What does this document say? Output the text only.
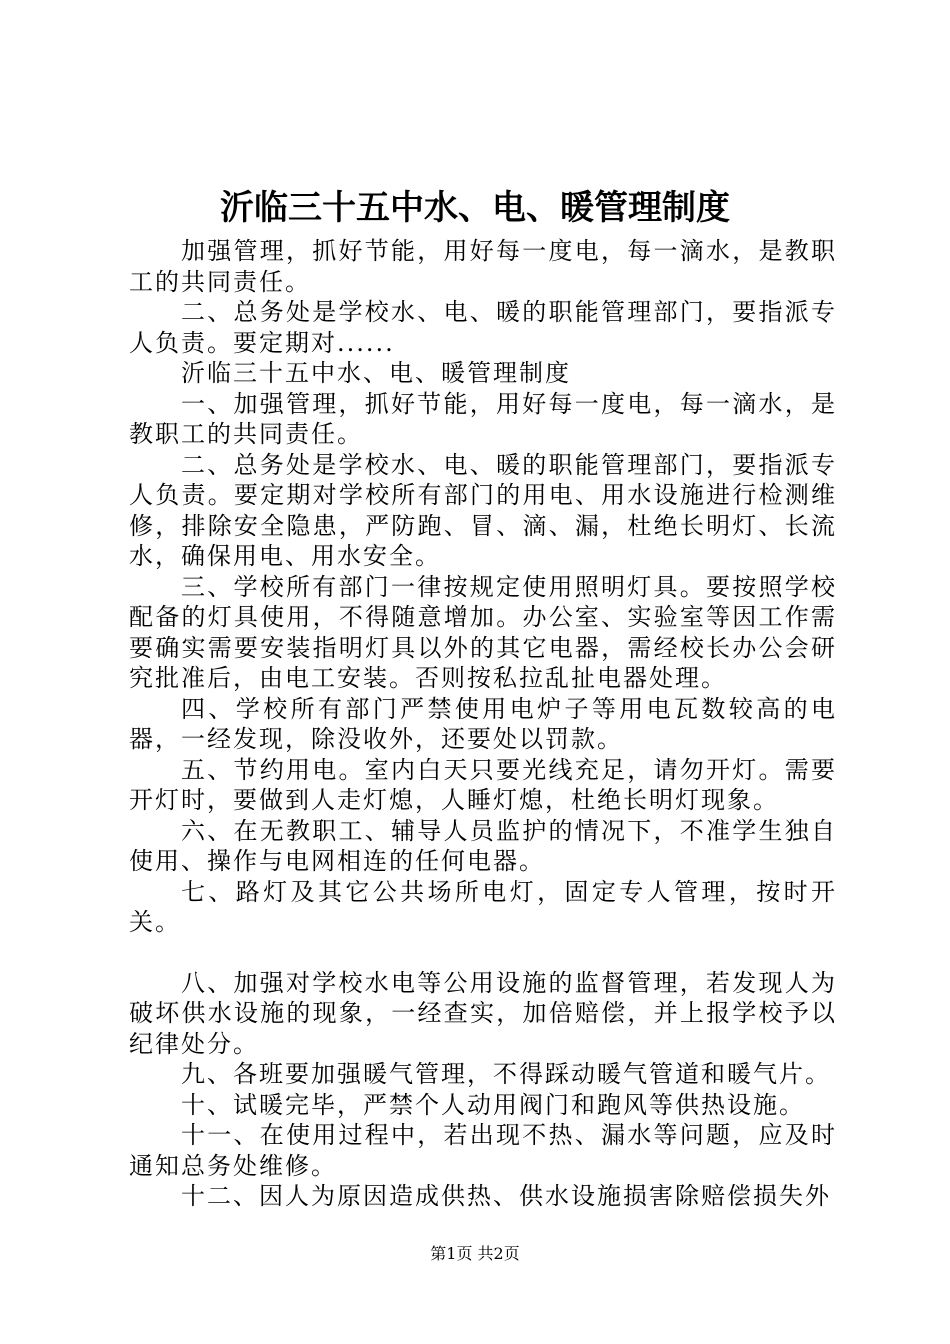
沂临三十五中水、电、暖管理制度

加强管理，抓好节能，用好每一度电，每一滴水，是教职工的共同责任。

二、总务处是学校水、电、暖的职能管理部门，要指派专人负责。要定期对......

沂临三十五中水、电、暖管理制度

一、加强管理，抓好节能，用好每一度电，每一滴水，是教职工的共同责任。

二、总务处是学校水、电、暖的职能管理部门，要指派专人负责。要定期对学校所有部门的用电、用水设施进行检测维修，排除安全隐患，严防跑、冒、滴、漏，杜绝长明灯、长流水，确保用电、用水安全。

三、学校所有部门一律按规定使用照明灯具。要按照学校配备的灯具使用，不得随意增加。办公室、实验室等因工作需要确实需要安装指明灯具以外的其它电器，需经校长办公会研究批准后，由电工安装。否则按私拉乱扯电器处理。

四、学校所有部门严禁使用电炉子等用电瓦数较高的电器，一经发现，除没收外，还要处以罚款。

五、节约用电。室内白天只要光线充足，请勿开灯。需要开灯时，要做到人走灯熄，人睡灯熄，杜绝长明灯现象。

六、在无教职工、辅导人员监护的情况下，不准学生独自使用、操作与电网相连的任何电器。

七、路灯及其它公共场所电灯，固定专人管理，按时开关。

八、加强对学校水电等公用设施的监督管理，若发现人为破坏供水设施的现象，一经查实，加倍赔偿，并上报学校予以纪律处分。

九、各班要加强暖气管理，不得踩动暖气管道和暖气片。

十、试暖完毕，严禁个人动用阀门和跑风等供热设施。

十一、在使用过程中，若出现不热、漏水等问题，应及时通知总务处维修。

十二、因人为原因造成供热、供水设施损害除赔偿损失外

第1页 共2页
